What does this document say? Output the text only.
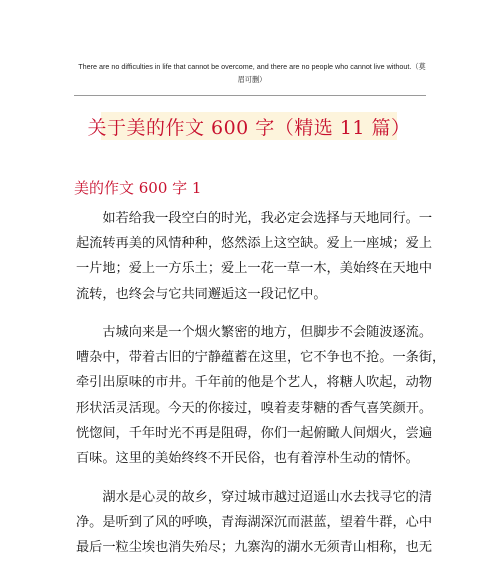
There are no difficulties in life that cannot be overcome, and there are no people who cannot live without.（莫
眉可删）
关于美的作文 600 字（精选 11 篇）
美的作文 600 字 1
　　如若给我一段空白的时光，我必定会选择与天地同行。一
起流转再美的风情种种，悠然添上这空缺。爱上一座城；爱上
一片地；爱上一方乐土；爱上一花一草一木，美始终在天地中
流转，也终会与它共同邂逅这一段记忆中。
　　古城向来是一个烟火繁密的地方，但脚步不会随波逐流。
嘈杂中，带着古旧的宁静蕴蓄在这里，它不争也不抢。一条街，
牵引出原味的市井。千年前的他是个艺人，将糖人吹起，动物
形状活灵活现。今天的你接过，嗅着麦芽糖的香气喜笑颜开。
恍惚间，千年时光不再是阻碍，你们一起俯瞰人间烟火，尝遍
百味。这里的美始终终不开民俗，也有着淳朴生动的情怀。
　　湖水是心灵的故乡，穿过城市越过迢遥山水去找寻它的清
净。是听到了风的呼唤，青海湖深沉而湛蓝，望着牛群，心中
最后一粒尘埃也消失殆尽；九寨沟的湖水无须青山相称，也无
